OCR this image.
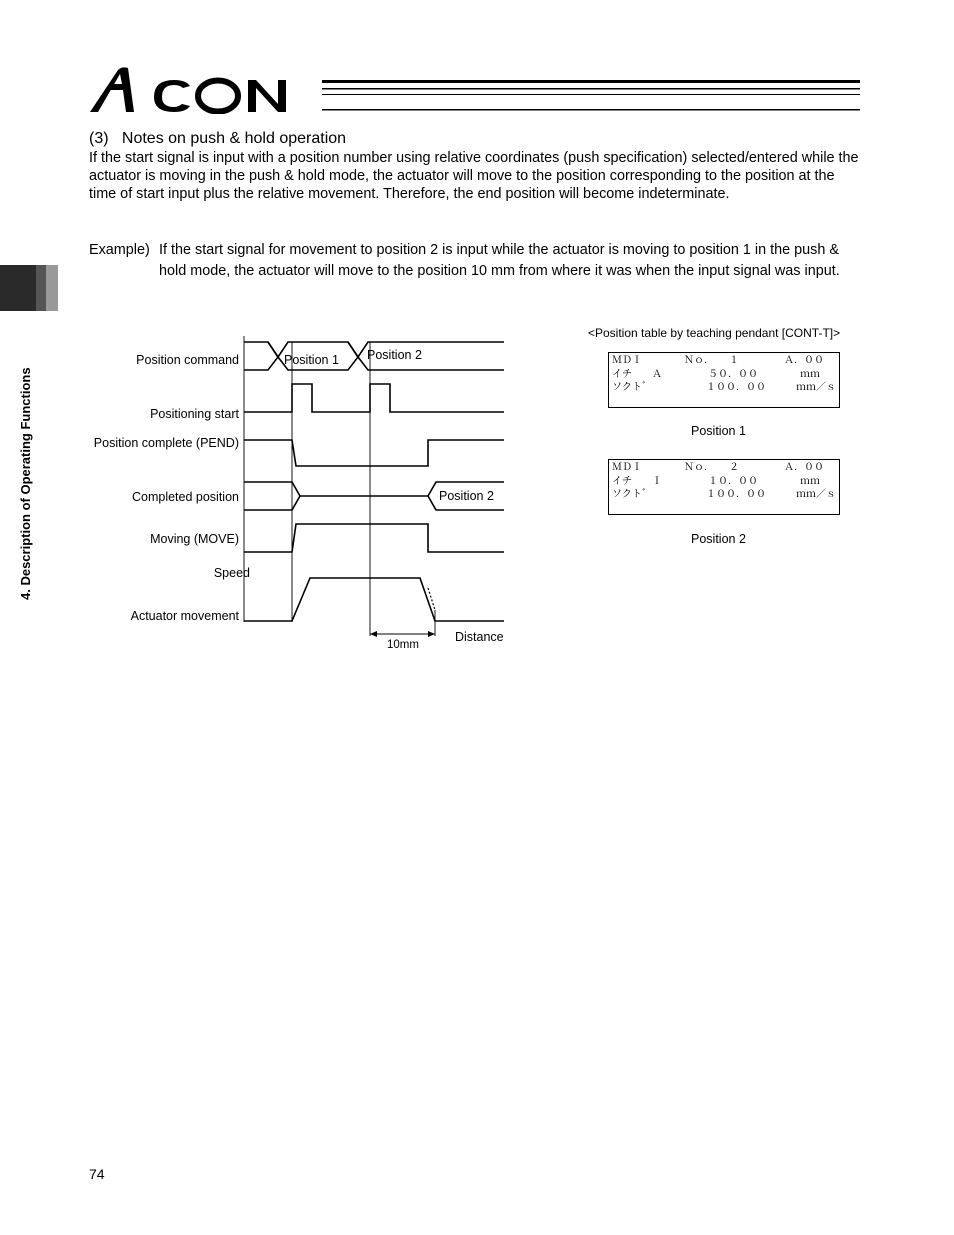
4. Description of Operating Functions
(3)   Notes on push & hold operation
If the start signal is input with a position number using relative coordinates (push specification) selected/entered while the actuator is moving in the push & hold mode, the actuator will move to the position corresponding to the position at the time of start input plus the relative movement. Therefore, the end position will become indeterminate.
Example) If the start signal for movement to position 2 is input while the actuator is moving to position 1 in the push & hold mode, the actuator will move to the position 10 mm from where it was when the input signal was input.
Position command
Positioning start
Position complete (PEND)
Completed position
Moving (MOVE)
Speed
Actuator movement
Position 1 Position 2
Position 2
Distance
10mm
<Position table by teaching pendant [CONT-T]>
ＭＤＩ	Ｎｏ．　　１	Ａ．００
イチ　　Ａ	５０．００	ｍｍ
ソクト゛	１００．００	ｍｍ／ｓ
Position 1
ＭＤＩ	Ｎｏ．　　２	Ａ．００
イチ　　Ｉ	１０．００	ｍｍ
ソクト゛	１００．００	ｍｍ／ｓ
Position 2
74
